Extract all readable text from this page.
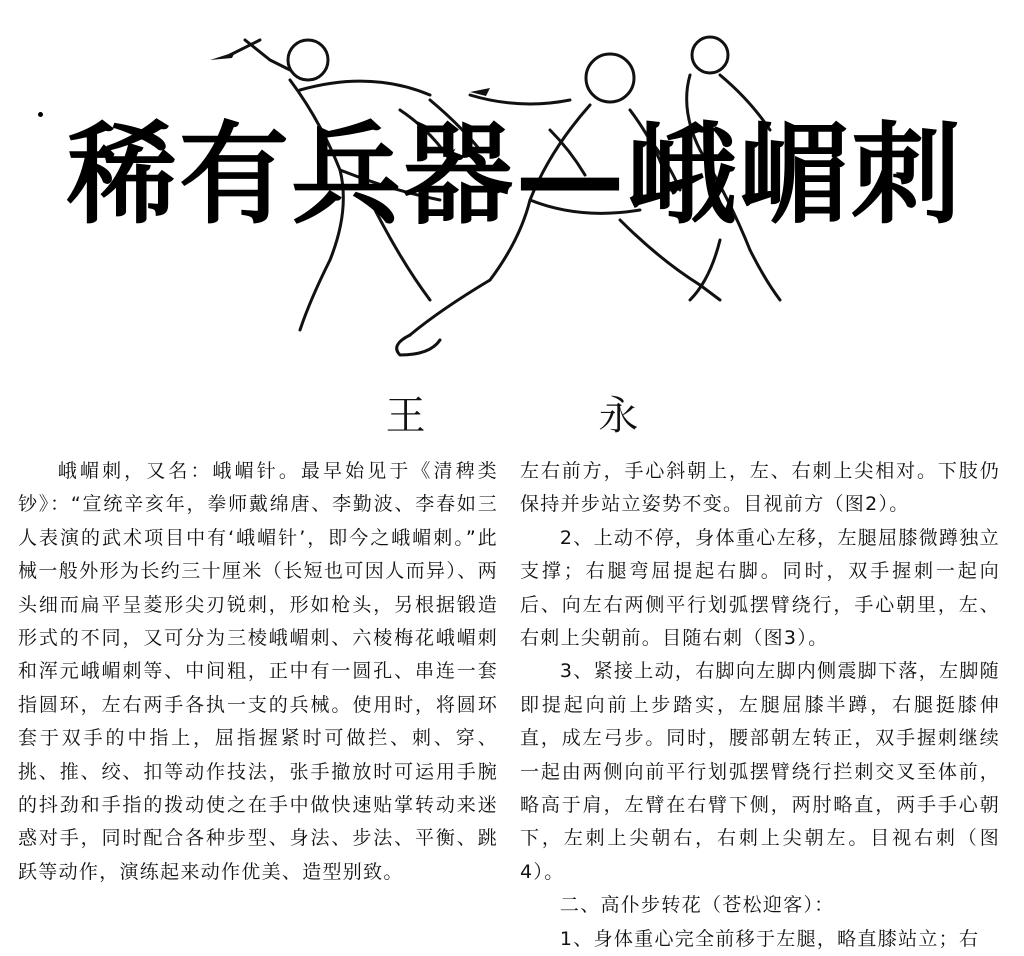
稀有兵器—峨嵋刺
王 永

峨嵋刺，又名：峨嵋针。最早始见于《清稗类钞》：“宣统辛亥年，拳师戴绵唐、李勤波、李春如三人表演的武术项目中有‘峨嵋针’，即今之峨嵋刺。”此械一般外形为长约三十厘米（长短也可因人而异）、两头细而扁平呈菱形尖刃锐刺，形如枪头，另根据锻造形式的不同，又可分为三棱峨嵋刺、六棱梅花峨嵋刺和浑元峨嵋刺等、中间粗，正中有一圆孔、串连一套指圆环，左右两手各执一支的兵械。使用时，将圆环套于双手的中指上，屈指握紧时可做拦、刺、穿、挑、推、绞、扣等动作技法，张手撤放时可运用手腕的抖劲和手指的拨动使之在手中做快速贴掌转动来迷惑对手，同时配合各种步型、身法、步法、平衡、跳跃等动作，演练起来动作优美、造型别致。

左右前方，手心斜朝上，左、右刺上尖相对。下肢仍保持并步站立姿势不变。目视前方（图2）。

2、上动不停，身体重心左移，左腿屈膝微蹲独立支撑；右腿弯屈提起右脚。同时，双手握刺一起向后、向左右两侧平行划弧摆臂绕行，手心朝里，左、右刺上尖朝前。目随右刺（图3）。

3、紧接上动，右脚向左脚内侧震脚下落，左脚随即提起向前上步踏实，左腿屈膝半蹲，右腿挺膝伸直，成左弓步。同时，腰部朝左转正，双手握刺继续一起由两侧向前平行划弧摆臂绕行拦刺交叉至体前，略高于肩，左臂在右臂下侧，两肘略直，两手手心朝下，左刺上尖朝右，右刺上尖朝左。目视右刺（图4）。

二、高仆步转花（苍松迎客）：

1、身体重心完全前移于左腿，略直膝站立；右
